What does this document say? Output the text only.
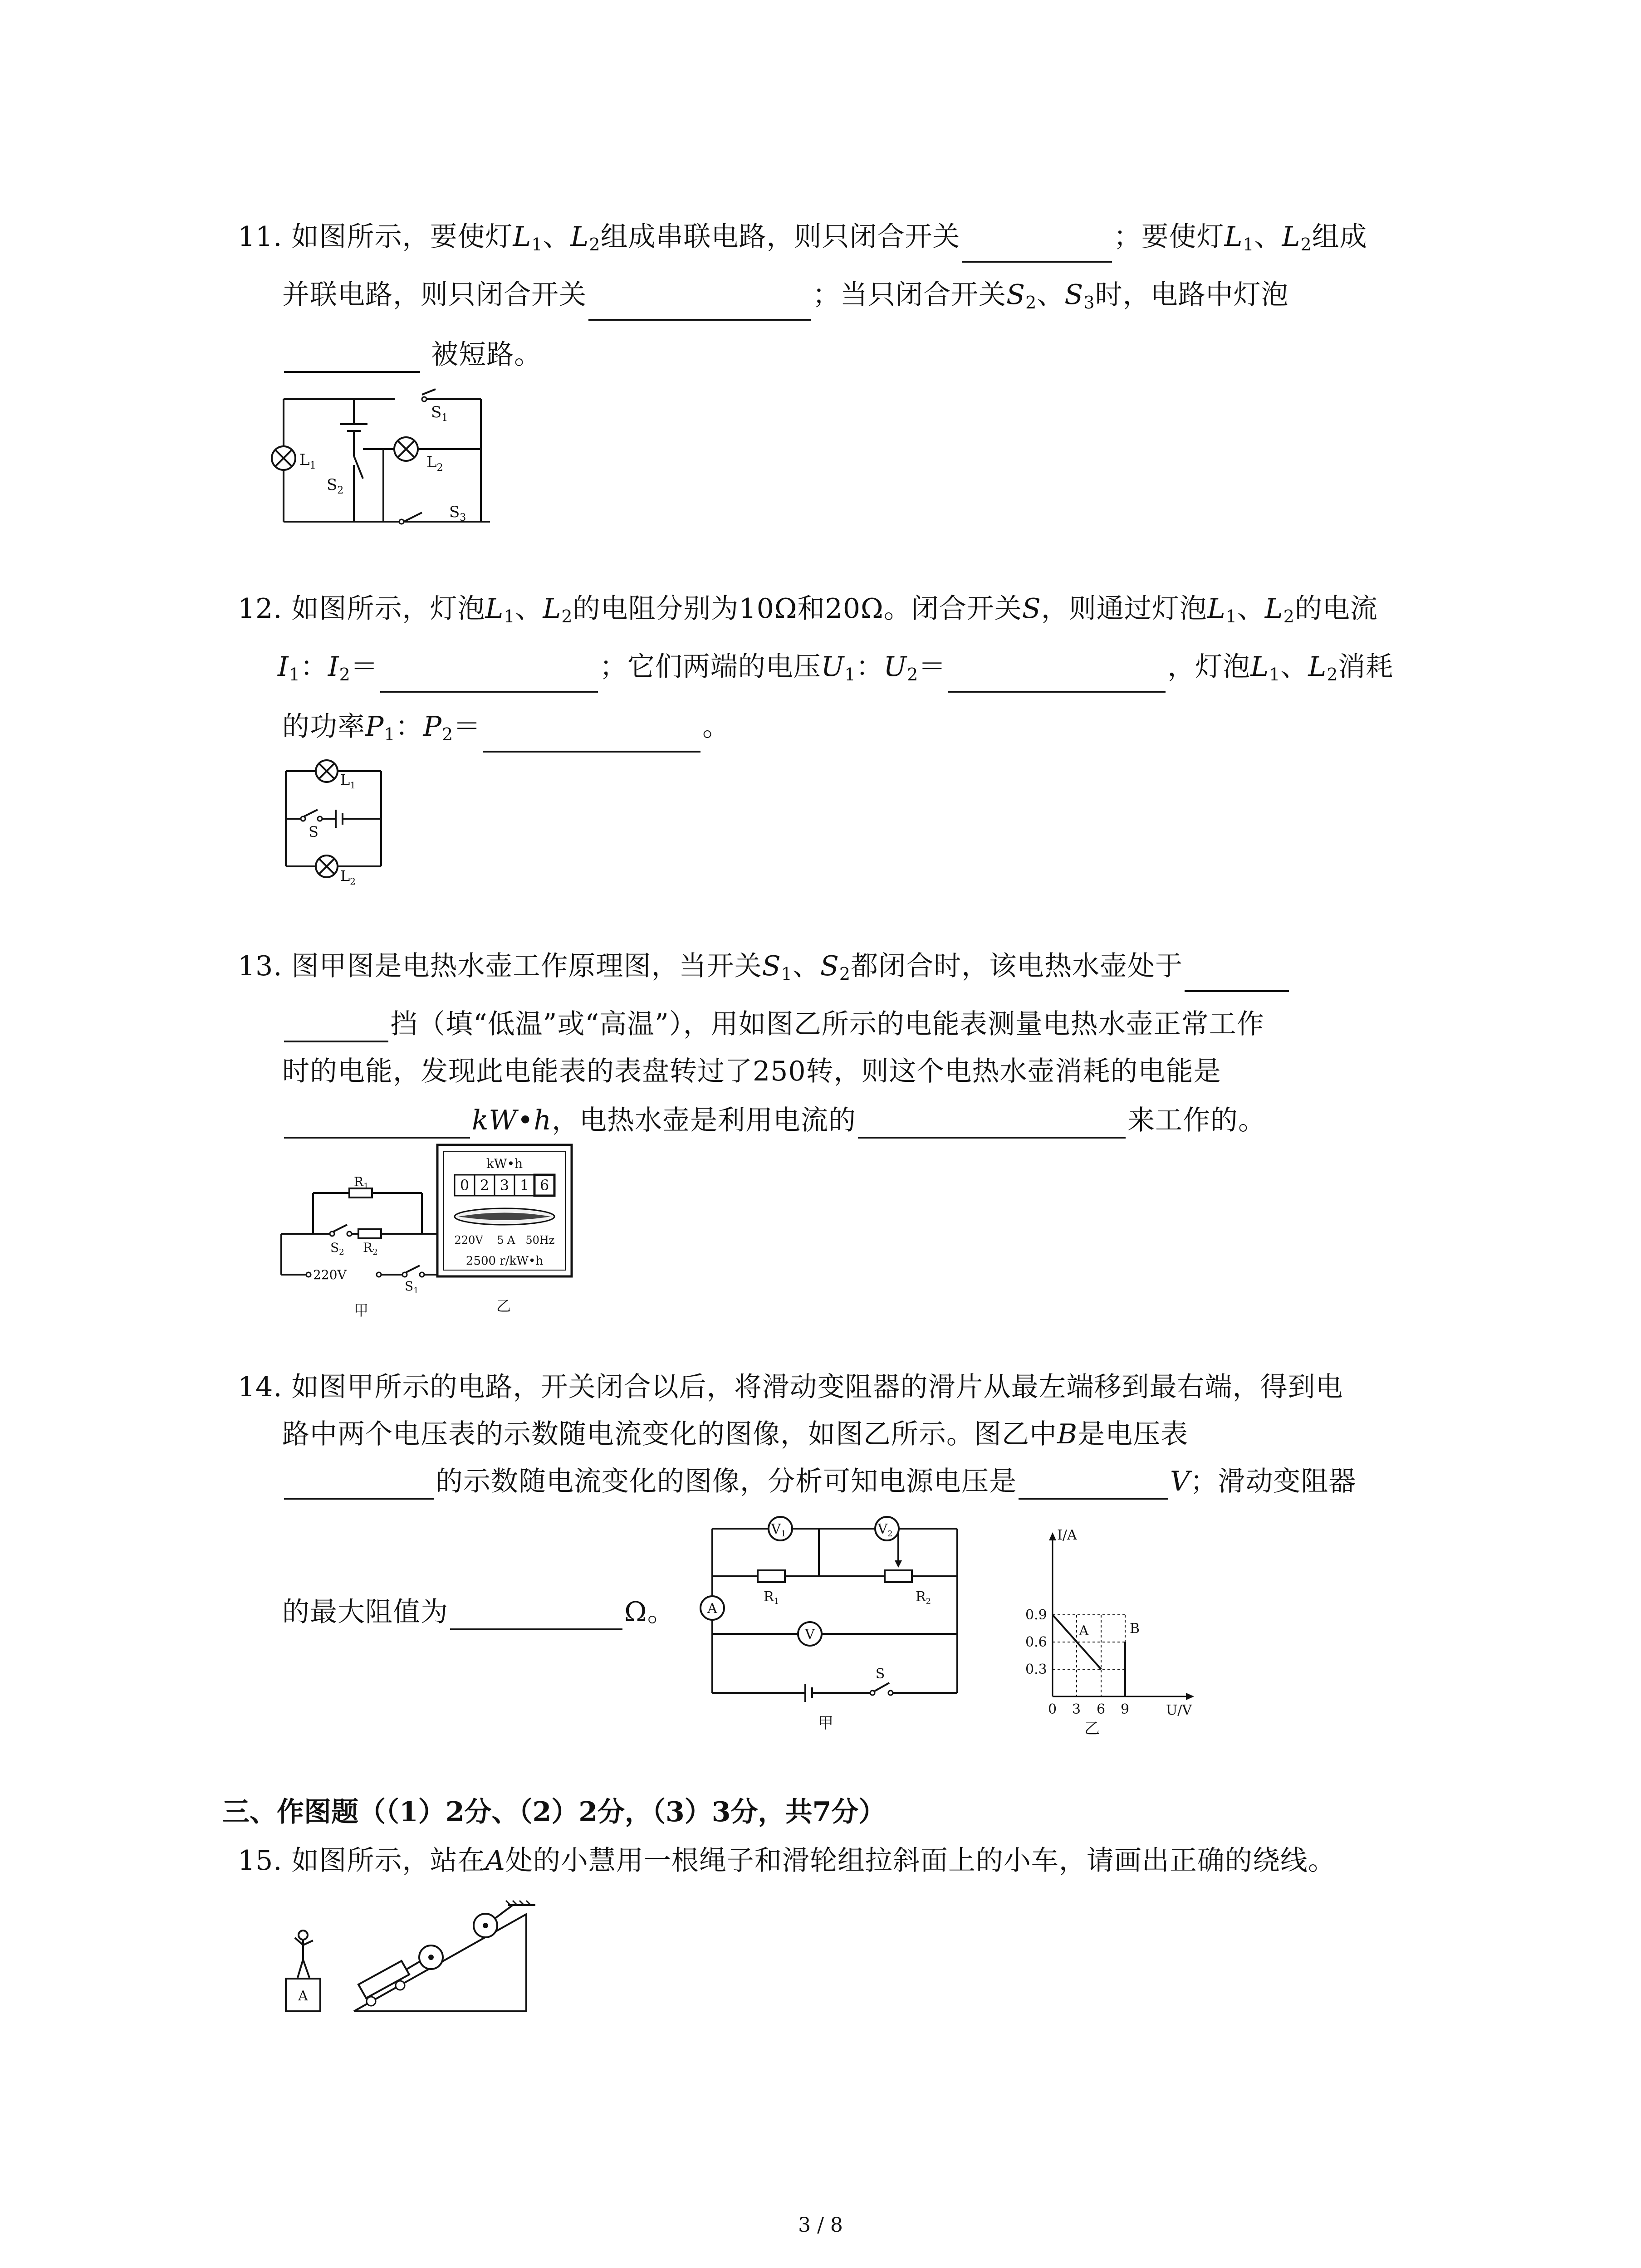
11. 如图所示，要使灯$L_1$、$L_2$组成串联电路，则只闭合开关	；要使灯$L_1$、$L_2$组成
并联电路，则只闭合开关	；当只闭合开关$S_2$、$S_3$时，电路中灯泡
被短路。
$S_1$
$L_1$
$S_2$
$L_2$
$S_3$
12. 如图所示，灯泡$L_1$、$L_2$的电阻分别为10Ω和20Ω。闭合开关S，则通过灯泡$L_1$、$L_2$的电流
$I_1$：$I_2=$	；它们两端的电压$U_1$：$U_2=$	，灯泡$L_1$、$L_2$消耗
的功率$P_1$：$P_2=$	。
$L_1$
S
$L_2$
13. 图甲图是电热水壶工作原理图，当开关$S_1$、$S_2$都闭合时，该电热水壶处于
挡（填“低温”或“高温”），用如图乙所示的电能表测量电热水壶正常工作
时的电能，发现此电能表的表盘转过了250转，则这个电热水壶消耗的电能是
kW•h，电热水壶是利用电流的	来工作的。
$R_1$
$S_2$ $R_2$
220V
$S_1$
甲
kW•h
0 2 3 1 6
220V    5 A   50Hz
2500 r/kW•h
乙
14. 如图甲所示的电路，开关闭合以后，将滑动变阻器的滑片从最左端移到最右端，得到电
路中两个电压表的示数随电流变化的图像，如图乙所示。图乙中B是电压表
的示数随电流变化的图像，分析可知电源电压是	V；滑动变阻器
的最大阻值为	Ω。
$V_1$	$V_2$
A
V
$R_1$	$R_2$
S
甲
I/A
U/V
0.9
0.6
0.3
0 3 6 9
A	B
乙
三、作图题（（1）2分、（2）2分，（3）3分，共7分）
15. 如图所示，站在A处的小慧用一根绳子和滑轮组拉斜面上的小车，请画出正确的绕线。
A
3 / 8
